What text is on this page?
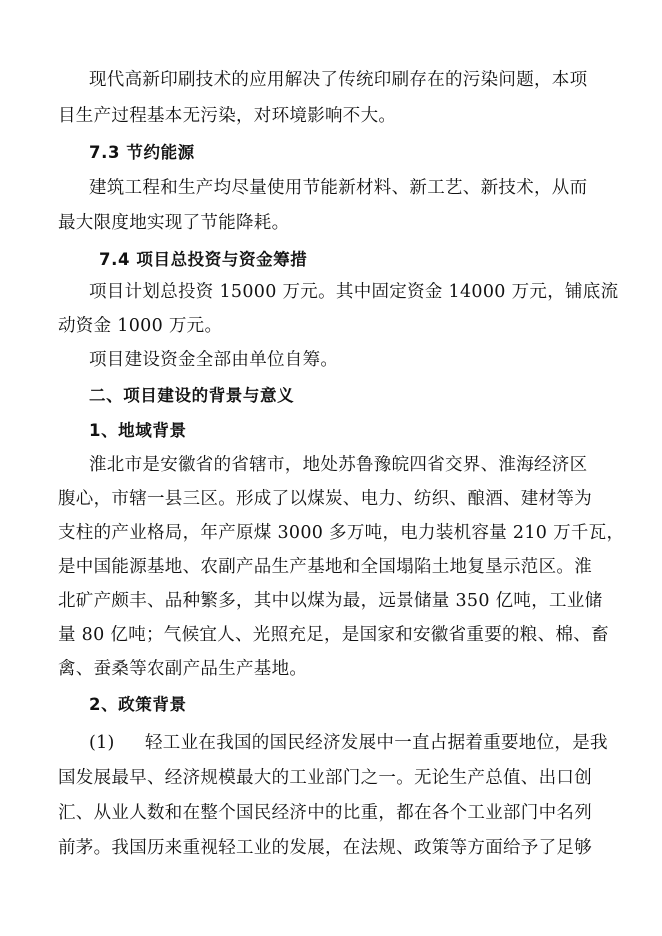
现代高新印刷技术的应用解决了传统印刷存在的污染问题，本项
目生产过程基本无污染，对环境影响不大。
7.3 节约能源
建筑工程和生产均尽量使用节能新材料、新工艺、新技术，从而
最大限度地实现了节能降耗。
7.4 项目总投资与资金筹措
项目计划总投资 15000 万元。其中固定资金 14000 万元，铺底流
动资金 1000 万元。
项目建设资金全部由单位自筹。
二、项目建设的背景与意义
1、地域背景
淮北市是安徽省的省辖市，地处苏鲁豫皖四省交界、淮海经济区
腹心，市辖一县三区。形成了以煤炭、电力、纺织、酿酒、建材等为
支柱的产业格局，年产原煤 3000 多万吨，电力装机容量 210 万千瓦，
是中国能源基地、农副产品生产基地和全国塌陷土地复垦示范区。淮
北矿产颇丰、品种繁多，其中以煤为最，远景储量 350 亿吨，工业储
量 80 亿吨；气候宜人、光照充足，是国家和安徽省重要的粮、棉、畜
禽、蚕桑等农副产品生产基地。
2、政策背景
(1) 轻工业在我国的国民经济发展中一直占据着重要地位，是我
国发展最早、经济规模最大的工业部门之一。无论生产总值、出口创
汇、从业人数和在整个国民经济中的比重，都在各个工业部门中名列
前茅。我国历来重视轻工业的发展，在法规、政策等方面给予了足够
